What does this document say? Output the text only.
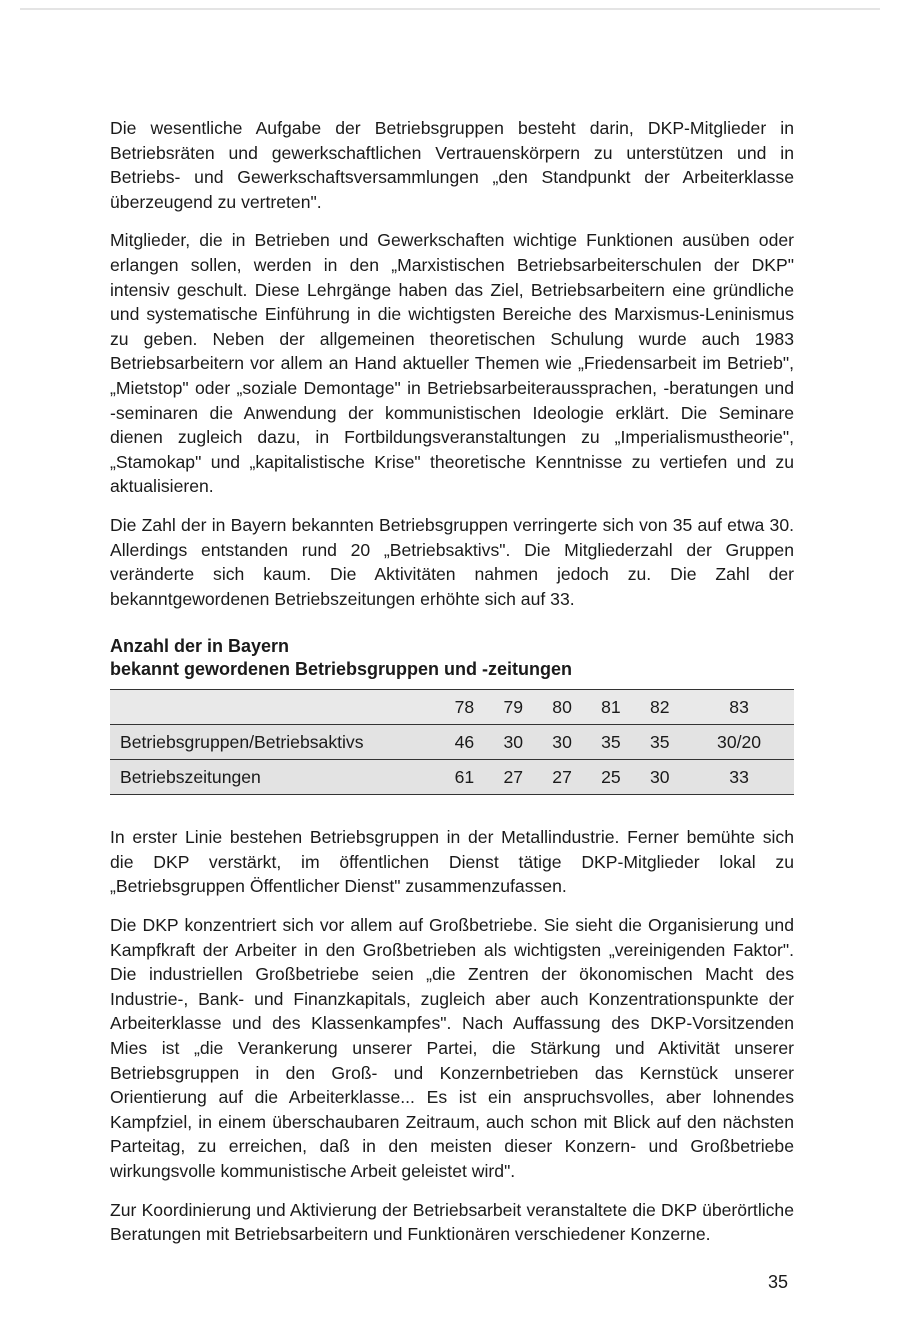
Die wesentliche Aufgabe der Betriebsgruppen besteht darin, DKP-Mitglieder in Betriebsräten und gewerkschaftlichen Vertrauenskörpern zu unterstützen und in Betriebs- und Gewerkschaftsversammlungen „den Standpunkt der Arbeiterklasse überzeugend zu vertreten".

Mitglieder, die in Betrieben und Gewerkschaften wichtige Funktionen ausüben oder erlangen sollen, werden in den „Marxistischen Betriebsarbeiterschulen der DKP" intensiv geschult. Diese Lehrgänge haben das Ziel, Betriebsarbeitern eine gründliche und systematische Einführung in die wichtigsten Bereiche des Marxismus-Leninismus zu geben. Neben der allgemeinen theoretischen Schulung wurde auch 1983 Betriebsarbeitern vor allem an Hand aktueller Themen wie „Friedensarbeit im Betrieb", „Mietstop" oder „soziale Demontage" in Betriebsarbeiteraussprachen, -beratungen und -seminaren die Anwendung der kommunistischen Ideologie erklärt. Die Seminare dienen zugleich dazu, in Fortbildungsveranstaltungen zu „Imperialismustheorie", „Stamokap" und „kapitalistische Krise" theoretische Kenntnisse zu vertiefen und zu aktualisieren.

Die Zahl der in Bayern bekannten Betriebsgruppen verringerte sich von 35 auf etwa 30. Allerdings entstanden rund 20 „Betriebsaktivs". Die Mitgliederzahl der Gruppen veränderte sich kaum. Die Aktivitäten nahmen jedoch zu. Die Zahl der bekanntgewordenen Betriebszeitungen erhöhte sich auf 33.

Anzahl der in Bayern
bekannt gewordenen Betriebsgruppen und -zeitungen
	78	79	80	81	82	83
Betriebsgruppen/Betriebsaktivs	46	30	30	35	35	30/20
Betriebszeitungen	61	27	27	25	30	33

In erster Linie bestehen Betriebsgruppen in der Metallindustrie. Ferner bemühte sich die DKP verstärkt, im öffentlichen Dienst tätige DKP-Mitglieder lokal zu „Betriebsgruppen Öffentlicher Dienst" zusammenzufassen.

Die DKP konzentriert sich vor allem auf Großbetriebe. Sie sieht die Organisierung und Kampfkraft der Arbeiter in den Großbetrieben als wichtigsten „vereinigenden Faktor". Die industriellen Großbetriebe seien „die Zentren der ökonomischen Macht des Industrie-, Bank- und Finanzkapitals, zugleich aber auch Konzentrationspunkte der Arbeiterklasse und des Klassenkampfes". Nach Auffassung des DKP-Vorsitzenden Mies ist „die Verankerung unserer Partei, die Stärkung und Aktivität unserer Betriebsgruppen in den Groß- und Konzernbetrieben das Kernstück unserer Orientierung auf die Arbeiterklasse... Es ist ein anspruchsvolles, aber lohnendes Kampfziel, in einem überschaubaren Zeitraum, auch schon mit Blick auf den nächsten Parteitag, zu erreichen, daß in den meisten dieser Konzern- und Großbetriebe wirkungsvolle kommunistische Arbeit geleistet wird".

Zur Koordinierung und Aktivierung der Betriebsarbeit veranstaltete die DKP überörtliche Beratungen mit Betriebsarbeitern und Funktionären verschiedener Konzerne.

35
